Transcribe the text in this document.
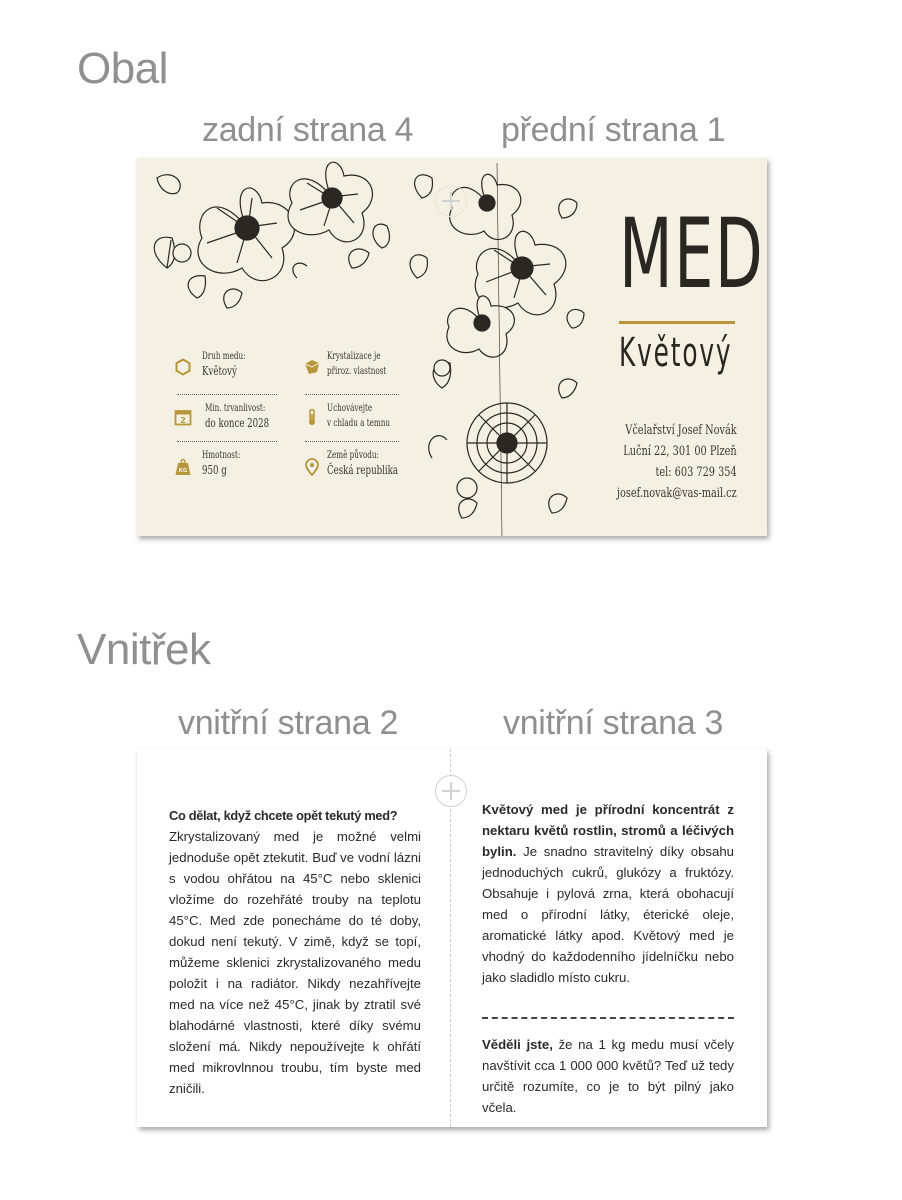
Obal
zadní strana 4	přední strana 1
MED
Květový
Včelařství Josef Novák
Luční 22, 301 00 Plzeň
tel: 603 729 354
josef.novak@vas-mail.cz
Druh medu:
Květový
Krystalizace je
přiroz. vlastnost
2
Min. trvanlivost:
do konce 2028
Uchovávejte
v chladu a temnu
KG
Hmotnost:
950 g
Země původu:
Česká republika
Vnitřek
vnitřní strana 2	vnitřní strana 3
Co dělat, když chcete opět tekutý med?
Zkrystalizovaný med je možné velmi jednoduše opět ztekutit. Buď ve vodní lázni s vodou ohřátou na 45°C nebo sklenici vložíme do rozehřáté trouby na teplotu 45°C. Med zde ponecháme do té doby, dokud není tekutý. V zimě, když se topí, můžeme sklenici zkrystalizovaného medu položit i na radiátor. Nikdy nezahřívejte med na více než 45°C, jinak by ztratil své blahodárné vlastnosti, které díky svému složení má. Nikdy nepoužívejte k ohřátí med mikrovlnnou troubu, tím byste med zničili.
Květový med je přírodní koncentrát z nektaru květů rostlin, stromů a léčivých bylin. Je snadno stravitelný díky obsahu jednoduchých cukrů, glukózy a fruktózy. Obsahuje i pylová zrna, která obohacují med o přírodní látky, éterické oleje, aromatické látky apod. Květový med je vhodný do každodenního jídelníčku nebo jako sladidlo místo cukru.
Věděli jste, že na 1 kg medu musí včely navštívit cca 1 000 000 květů? Teď už tedy určitě rozumíte, co je to být pilný jako včela.
